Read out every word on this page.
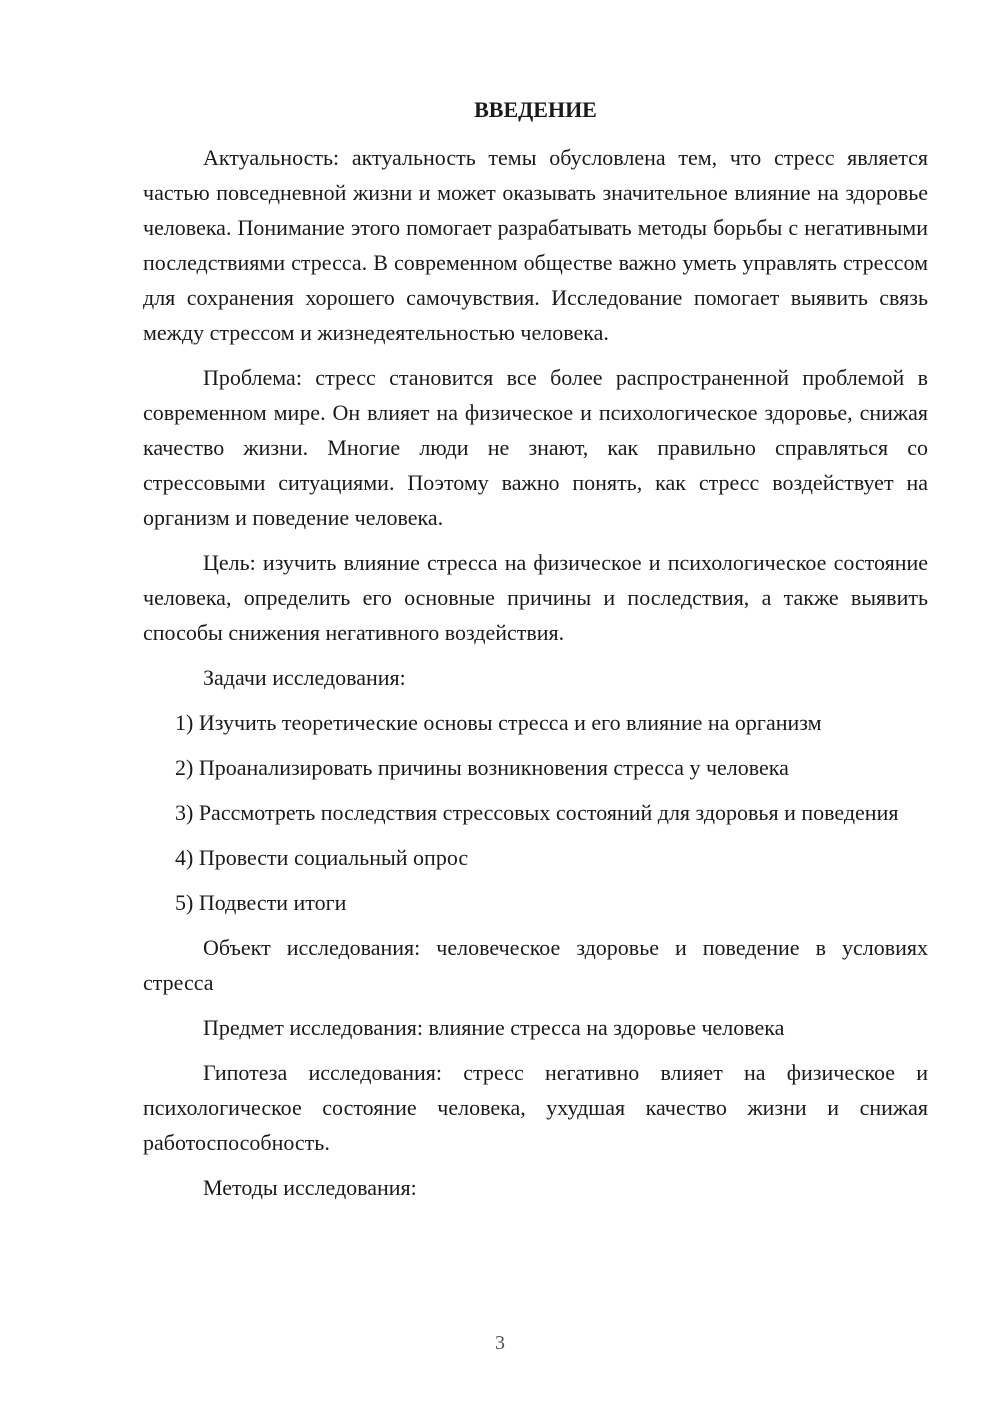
ВВЕДЕНИЕ

Актуальность: актуальность темы обусловлена тем, что стресс является частью повседневной жизни и может оказывать значительное влияние на здоровье человека. Понимание этого помогает разрабатывать методы борьбы с негативными последствиями стресса. В современном обществе важно уметь управлять стрессом для сохранения хорошего самочувствия. Исследование помогает выявить связь между стрессом и жизнедеятельностью человека.

Проблема: стресс становится все более распространенной проблемой в современном мире. Он влияет на физическое и психологическое здоровье, снижая качество жизни. Многие люди не знают, как правильно справляться со стрессовыми ситуациями. Поэтому важно понять, как стресс воздействует на организм и поведение человека.

Цель: изучить влияние стресса на физическое и психологическое состояние человека, определить его основные причины и последствия, а также выявить способы снижения негативного воздействия.

Задачи исследования:

1) Изучить теоретические основы стресса и его влияние на организм

2) Проанализировать причины возникновения стресса у человека

3) Рассмотреть последствия стрессовых состояний для здоровья и поведения

4) Провести социальный опрос

5) Подвести итоги

Объект исследования: человеческое здоровье и поведение в условиях стресса

Предмет исследования: влияние стресса на здоровье человека

Гипотеза исследования: стресс негативно влияет на физическое и психологическое состояние человека, ухудшая качество жизни и снижая работоспособность.

Методы исследования:

3
